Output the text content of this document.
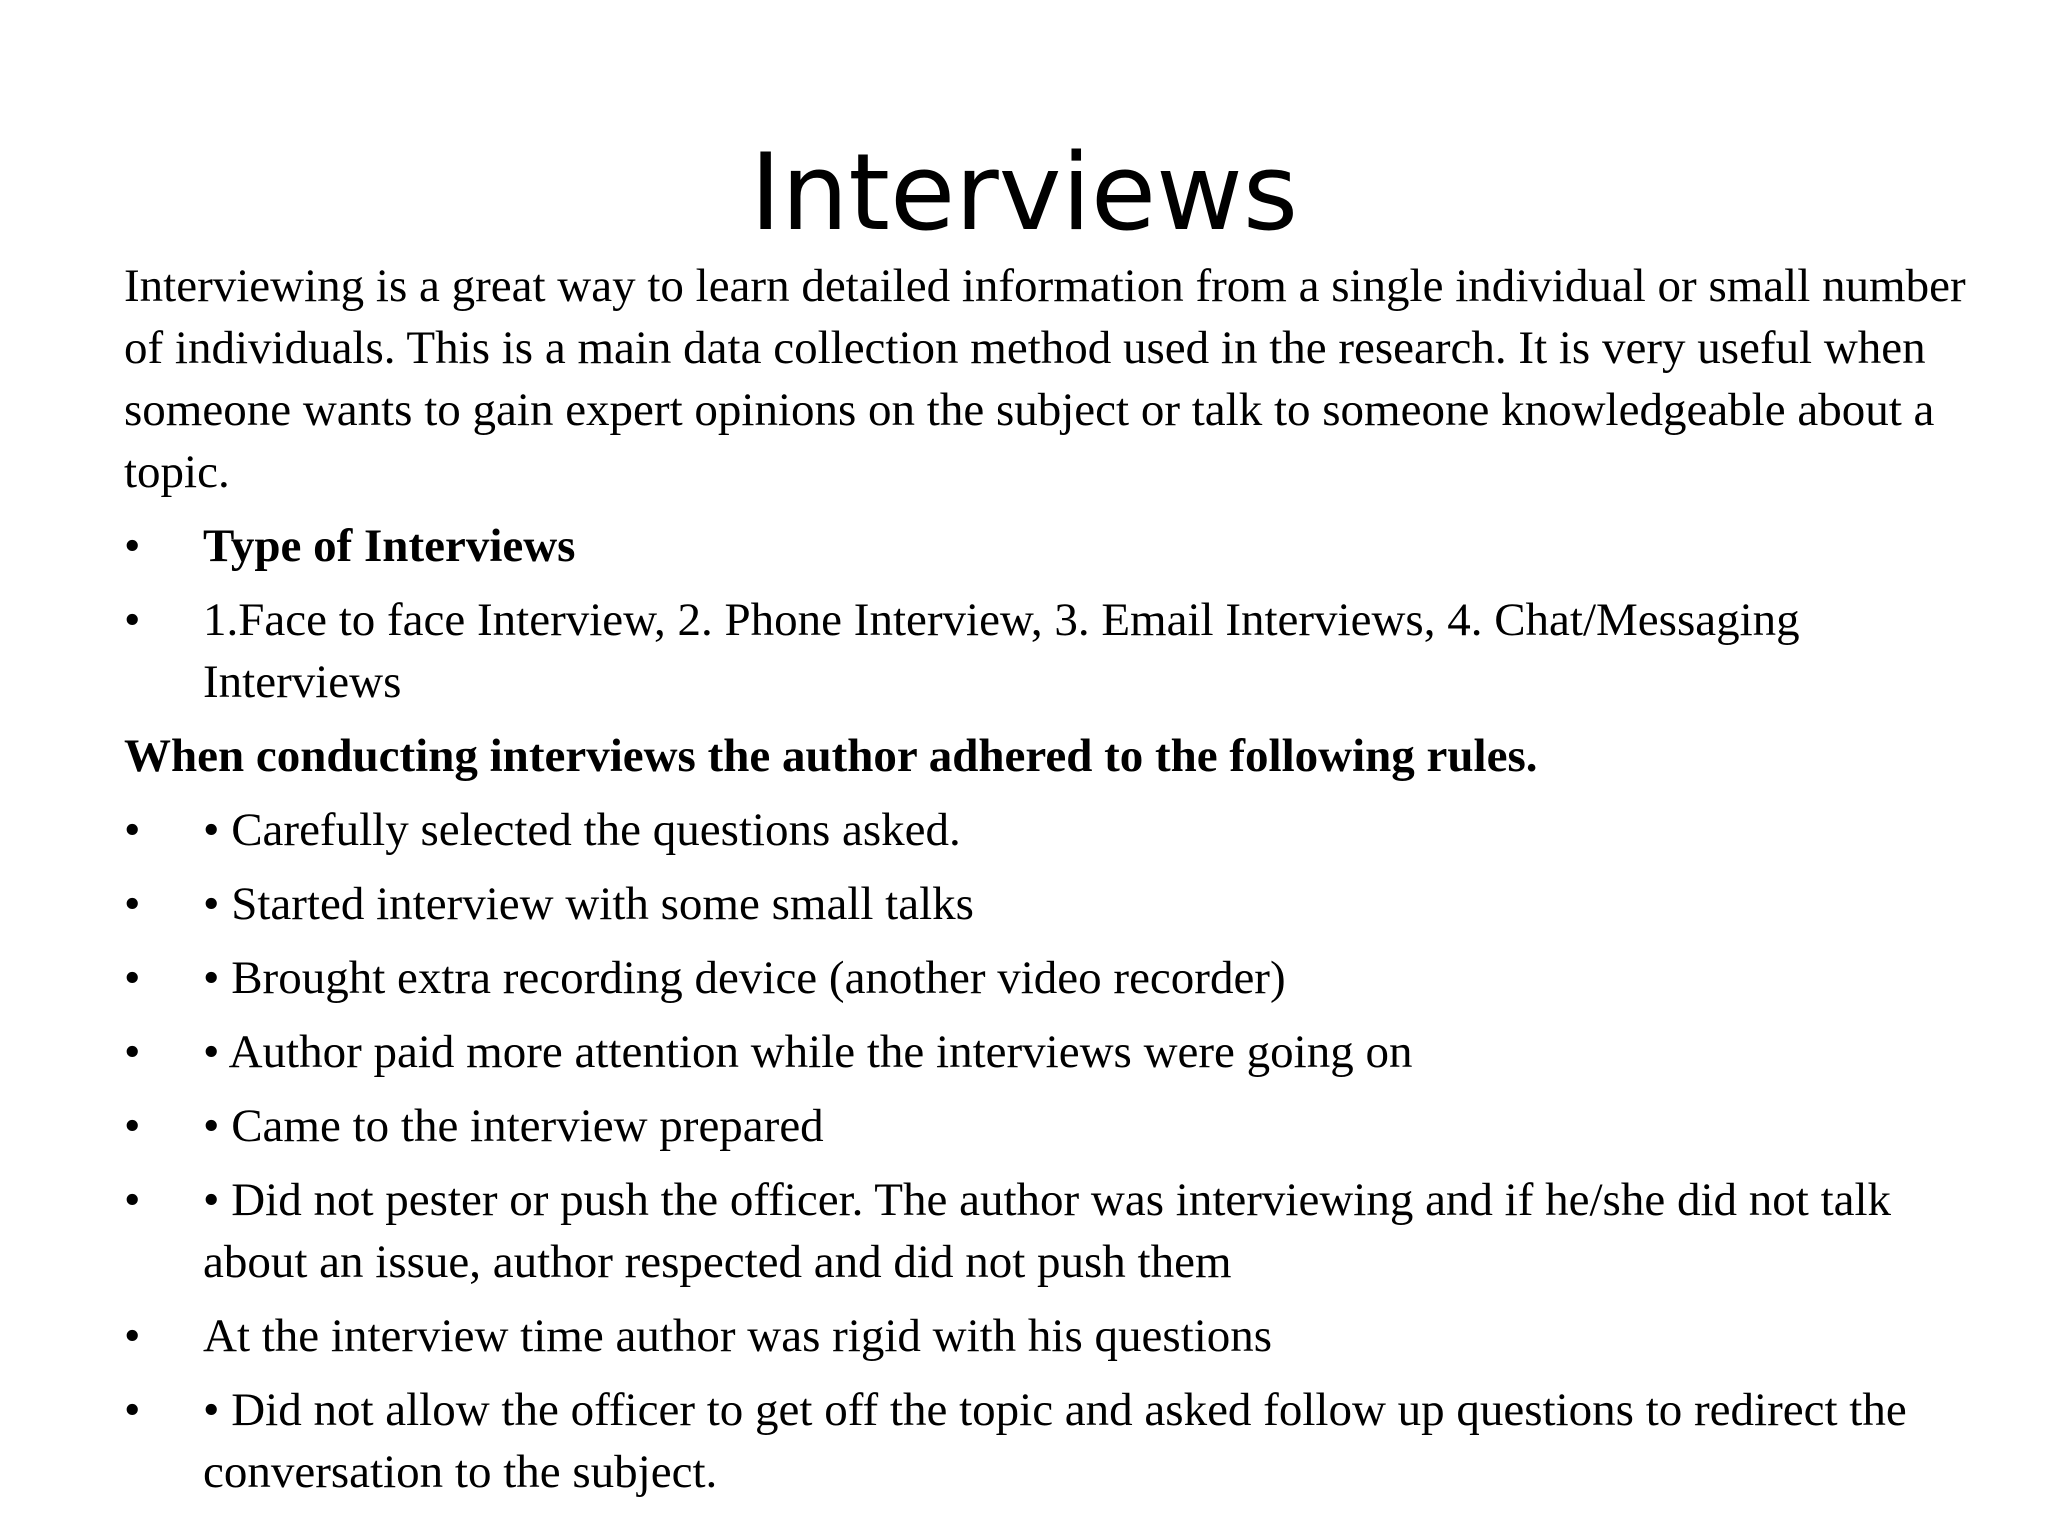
Interviews

Interviewing is a great way to learn detailed information from a single individual or small number of individuals. This is a main data collection method used in the research. It is very useful when someone wants to gain expert opinions on the subject or talk to someone knowledgeable about a topic.

• Type of Interviews
• 1.Face to face Interview, 2. Phone Interview, 3. Email Interviews, 4. Chat/Messaging Interviews

When conducting interviews the author adhered to the following rules.

• • Carefully selected the questions asked.
• • Started interview with some small talks
• • Brought extra recording device (another video recorder)
• • Author paid more attention while the interviews were going on
• • Came to the interview prepared
• • Did not pester or push the officer. The author was interviewing and if he/she did not talk about an issue, author respected and did not push them
• At the interview time author was rigid with his questions
• • Did not allow the officer to get off the topic and asked follow up questions to redirect the conversation to the subject.
